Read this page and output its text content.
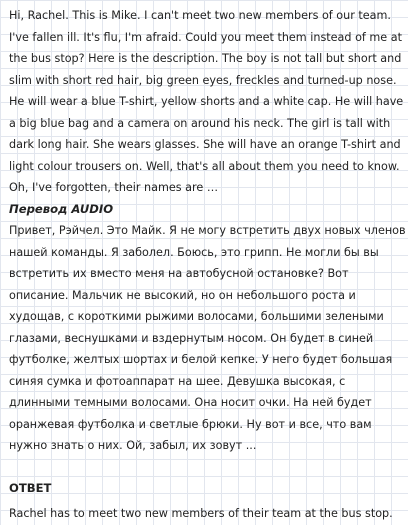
Hi, Rachel. This is Mike. I can't meet two new members of our team. I've fallen ill. It's flu, I'm afraid. Could you meet them instead of me at the bus stop? Here is the description. The boy is not tall but short and slim with short red hair, big green eyes, freckles and turned-up nose. He will wear a blue T-shirt, yellow shorts and a white cap. He will have a big blue bag and a camera on around his neck. The girl is tall with dark long hair. She wears glasses. She will have an orange T-shirt and light colour trousers on. Well, that's all about them you need to know. Oh, I've forgotten, their names are …

Перевод AUDIO

Привет, Рэйчел. Это Майк. Я не могу встретить двух новых членов нашей команды. Я заболел. Боюсь, это грипп. Не могли бы вы встретить их вместо меня на автобусной остановке? Вот описание. Мальчик не высокий, но он небольшого роста и худощав, с короткими рыжими волосами, большими зелеными глазами, веснушками и вздернутым носом. Он будет в синей футболке, желтых шортах и белой кепке. У него будет большая синяя сумка и фотоаппарат на шее. Девушка высокая, с длинными темными волосами. Она носит очки. На ней будет оранжевая футболка и светлые брюки. Ну вот и все, что вам нужно знать о них. Ой, забыл, их зовут ...

ОТВЕТ

Rachel has to meet two new members of their team at the bus stop.
